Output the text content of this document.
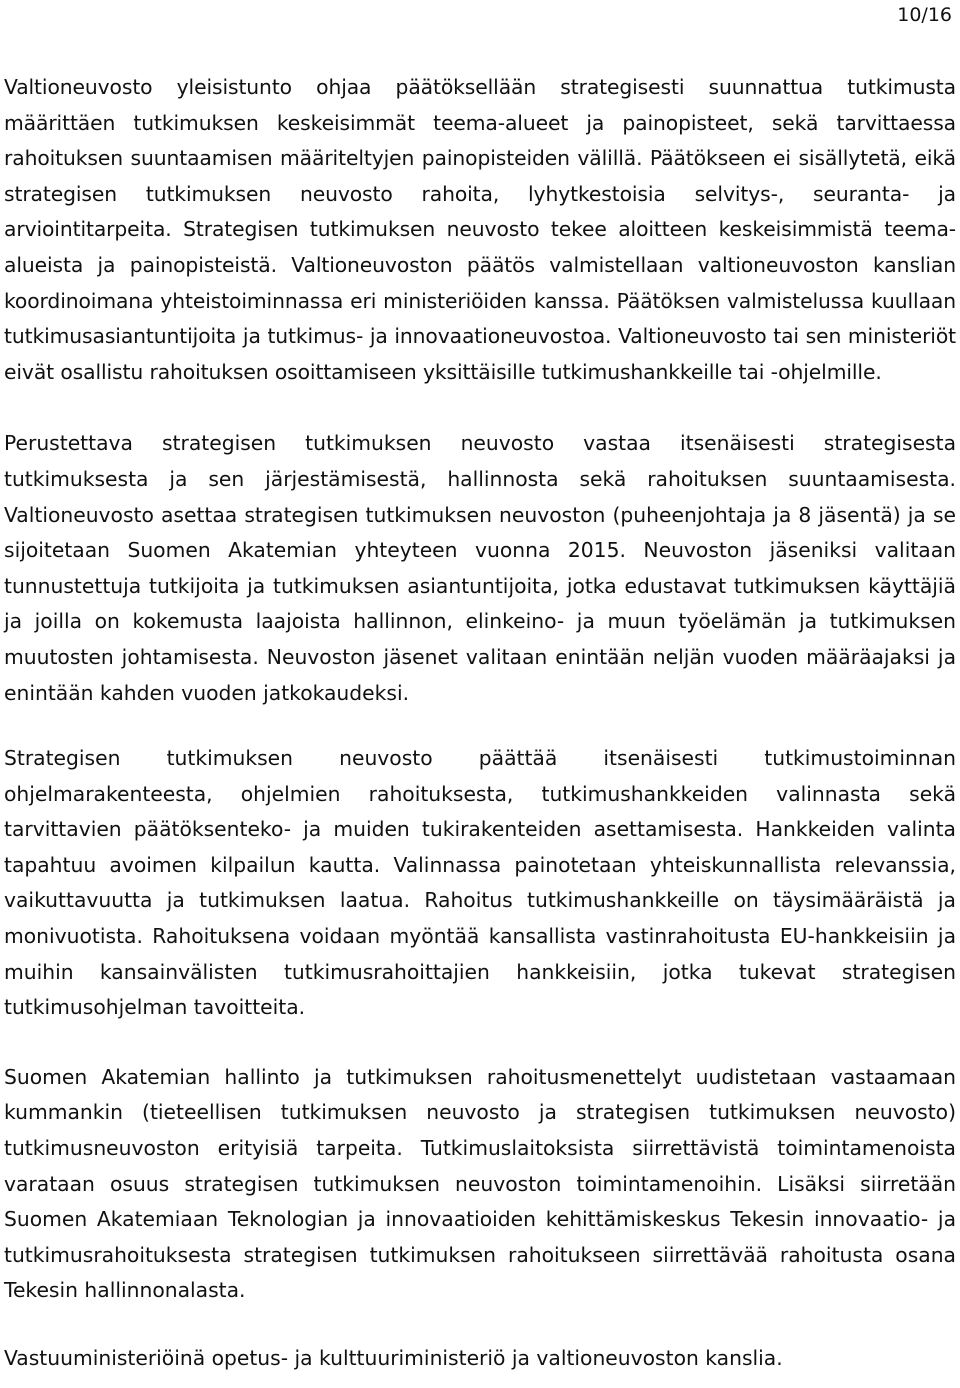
10/16

Valtioneuvosto yleisistunto ohjaa päätöksellään strategisesti suunnattua tutkimusta määrittäen tutkimuksen keskeisimmät teema-alueet ja painopisteet, sekä tarvittaessa rahoituksen suuntaamisen määriteltyjen painopisteiden välillä. Päätökseen ei sisällytetä, eikä strategisen tutkimuksen neuvosto rahoita, lyhytkestoisia selvitys-, seuranta- ja arviointitarpeita. Strategisen tutkimuksen neuvosto tekee aloitteen keskeisimmistä teema-alueista ja painopisteistä. Valtioneuvoston päätös valmistellaan valtioneuvoston kanslian koordinoimana yhteistoiminnassa eri ministeriöiden kanssa. Päätöksen valmistelussa kuullaan tutkimusasiantuntijoita ja tutkimus- ja innovaationeuvostoa. Valtioneuvosto tai sen ministeriöt eivät osallistu rahoituksen osoittamiseen yksittäisille tutkimushankkeille tai -ohjelmille.

Perustettava strategisen tutkimuksen neuvosto vastaa itsenäisesti strategisesta tutkimuksesta ja sen järjestämisestä, hallinnosta sekä rahoituksen suuntaamisesta. Valtioneuvosto asettaa strategisen tutkimuksen neuvoston (puheenjohtaja ja 8 jäsentä) ja se sijoitetaan Suomen Akatemian yhteyteen vuonna 2015. Neuvoston jäseniksi valitaan tunnustettuja tutkijoita ja tutkimuksen asiantuntijoita, jotka edustavat tutkimuksen käyttäjiä ja joilla on kokemusta laajoista hallinnon, elinkeino- ja muun työelämän ja tutkimuksen muutosten johtamisesta. Neuvoston jäsenet valitaan enintään neljän vuoden määräajaksi ja enintään kahden vuoden jatkokaudeksi.

Strategisen tutkimuksen neuvosto päättää itsenäisesti tutkimustoiminnan ohjelmarakenteesta, ohjelmien rahoituksesta, tutkimushankkeiden valinnasta sekä tarvittavien päätöksenteko- ja muiden tukirakenteiden asettamisesta. Hankkeiden valinta tapahtuu avoimen kilpailun kautta. Valinnassa painotetaan yhteiskunnallista relevanssia, vaikuttavuutta ja tutkimuksen laatua. Rahoitus tutkimushankkeille on täysimääräistä ja monivuotista. Rahoituksena voidaan myöntää kansallista vastinrahoitusta EU-hankkeisiin ja muihin kansainvälisten tutkimusrahoittajien hankkeisiin, jotka tukevat strategisen tutkimusohjelman tavoitteita.

Suomen Akatemian hallinto ja tutkimuksen rahoitusmenettelyt uudistetaan vastaamaan kummankin (tieteellisen tutkimuksen neuvosto ja strategisen tutkimuksen neuvosto) tutkimusneuvoston erityisiä tarpeita. Tutkimuslaitoksista siirrettävistä toimintamenoista varataan osuus strategisen tutkimuksen neuvoston toimintamenoihin. Lisäksi siirretään Suomen Akatemiaan Teknologian ja innovaatioiden kehittämiskeskus Tekesin innovaatio- ja tutkimusrahoituksesta strategisen tutkimuksen rahoitukseen siirrettävää rahoitusta osana Tekesin hallinnonalasta.

Vastuuministeriöinä opetus- ja kulttuuriministeriö ja valtioneuvoston kanslia.
